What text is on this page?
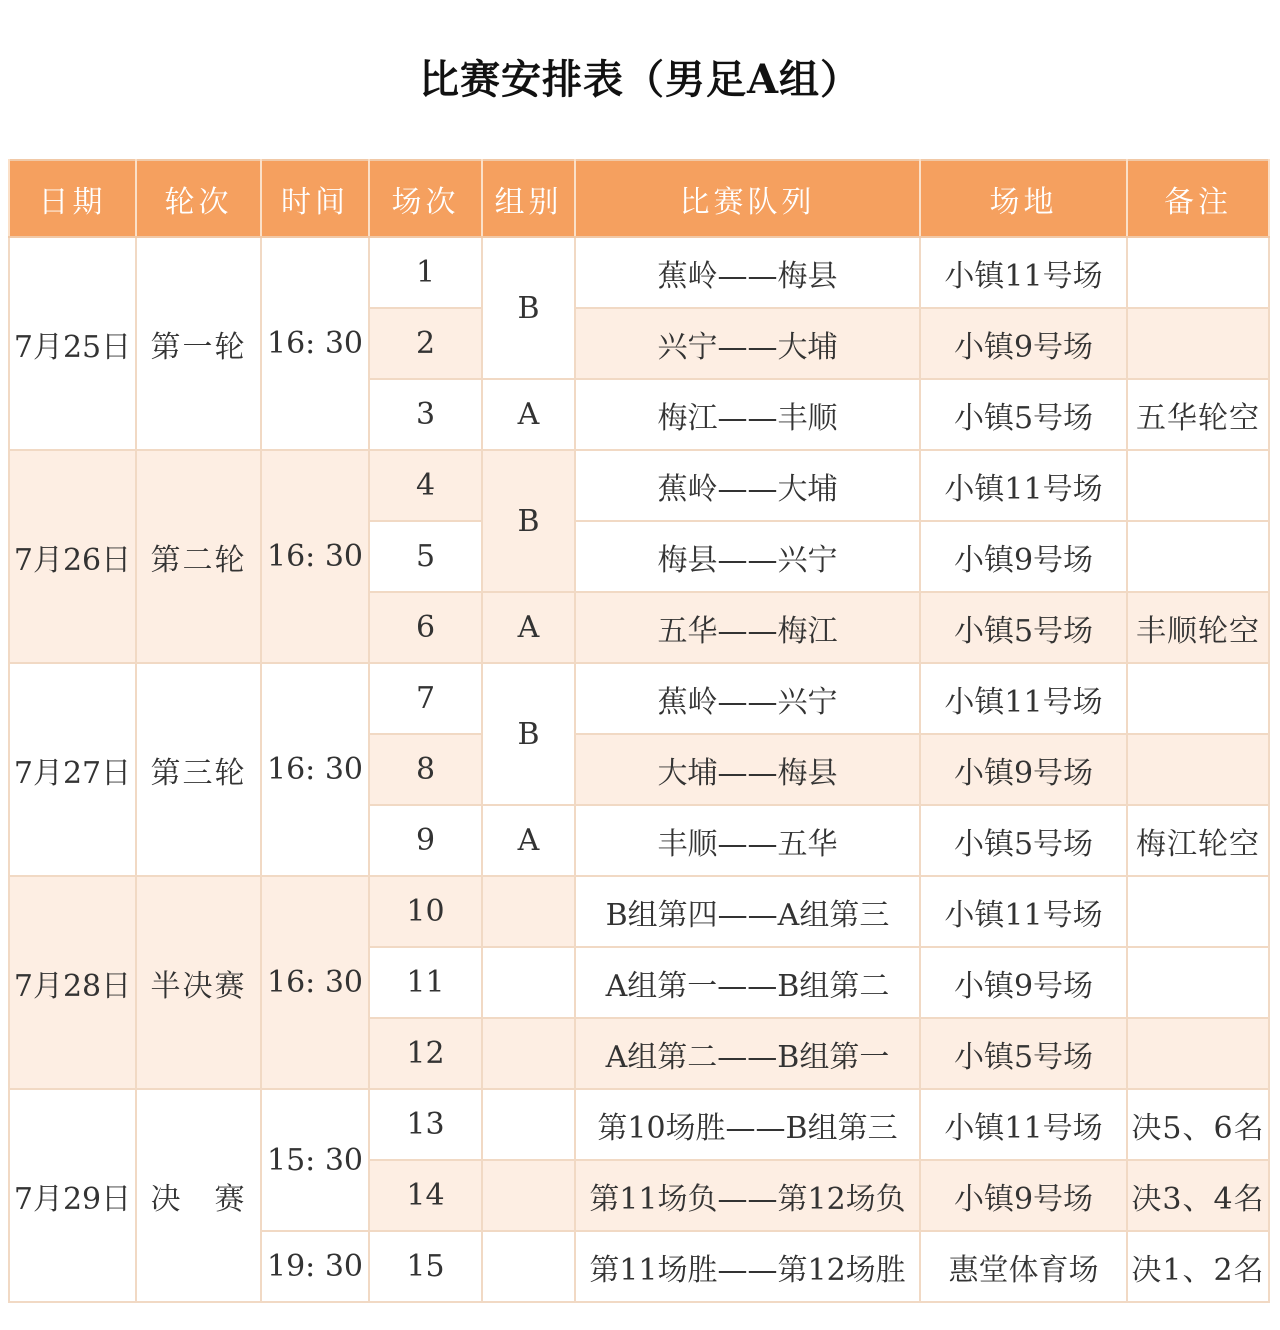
比赛安排表（男足A组）
日期	轮次	时间	场次	组别	比赛队列	场地	备注
7月25日	第一轮	16: 30	1	B	蕉岭——梅县	小镇11号场	
			2		兴宁——大埔	小镇9号场	
			3	A	梅江——丰顺	小镇5号场	五华轮空
7月26日	第二轮	16: 30	4	B	蕉岭——大埔	小镇11号场	
			5		梅县——兴宁	小镇9号场	
			6	A	五华——梅江	小镇5号场	丰顺轮空
7月27日	第三轮	16: 30	7	B	蕉岭——兴宁	小镇11号场	
			8		大埔——梅县	小镇9号场	
			9	A	丰顺——五华	小镇5号场	梅江轮空
7月28日	半决赛	16: 30	10		B组第四——A组第三	小镇11号场	
			11		A组第一——B组第二	小镇9号场	
			12		A组第二——B组第一	小镇5号场	
7月29日	决　赛	15: 30	13		第10场胜——B组第三	小镇11号场	决5、6名
			14		第11场负——第12场负	小镇9号场	决3、4名
		19: 30	15		第11场胜——第12场胜	惠堂体育场	决1、2名
